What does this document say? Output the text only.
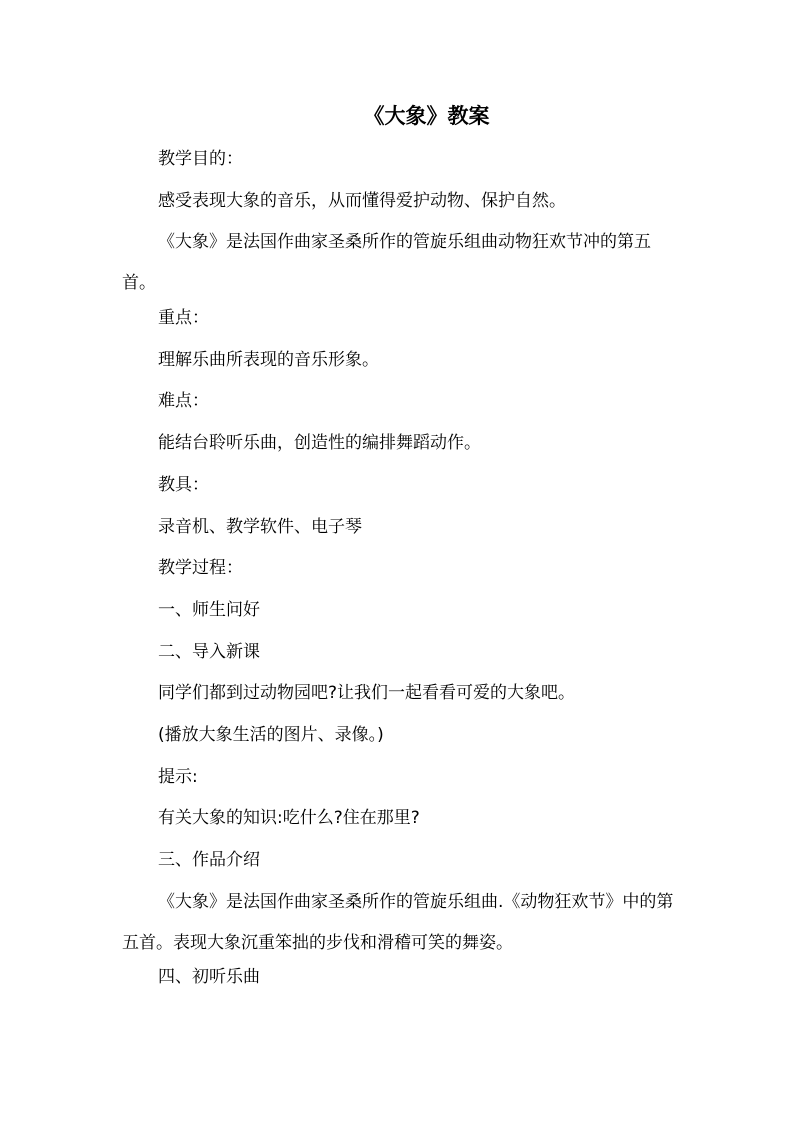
《大象》教案

教学目的：

感受表现大象的音乐，从而懂得爱护动物、保护自然。

《大象》是法国作曲家圣桑所作的管旋乐组曲动物狂欢节冲的第五首。

重点：

理解乐曲所表现的音乐形象。

难点：

能结台聆听乐曲，创造性的编排舞蹈动作。

教具：

录音机、教学软件、电子琴

教学过程：

一、师生问好

二、导入新课

同学们都到过动物园吧?让我们一起看看可爱的大象吧。

(播放大象生活的图片、录像。)

提示:

有关大象的知识:吃什么?住在那里?

三、作品介绍

《大象》是法国作曲家圣桑所作的管旋乐组曲.《动物狂欢节》中的第五首。表现大象沉重笨拙的步伐和滑稽可笑的舞姿。

四、初听乐曲
